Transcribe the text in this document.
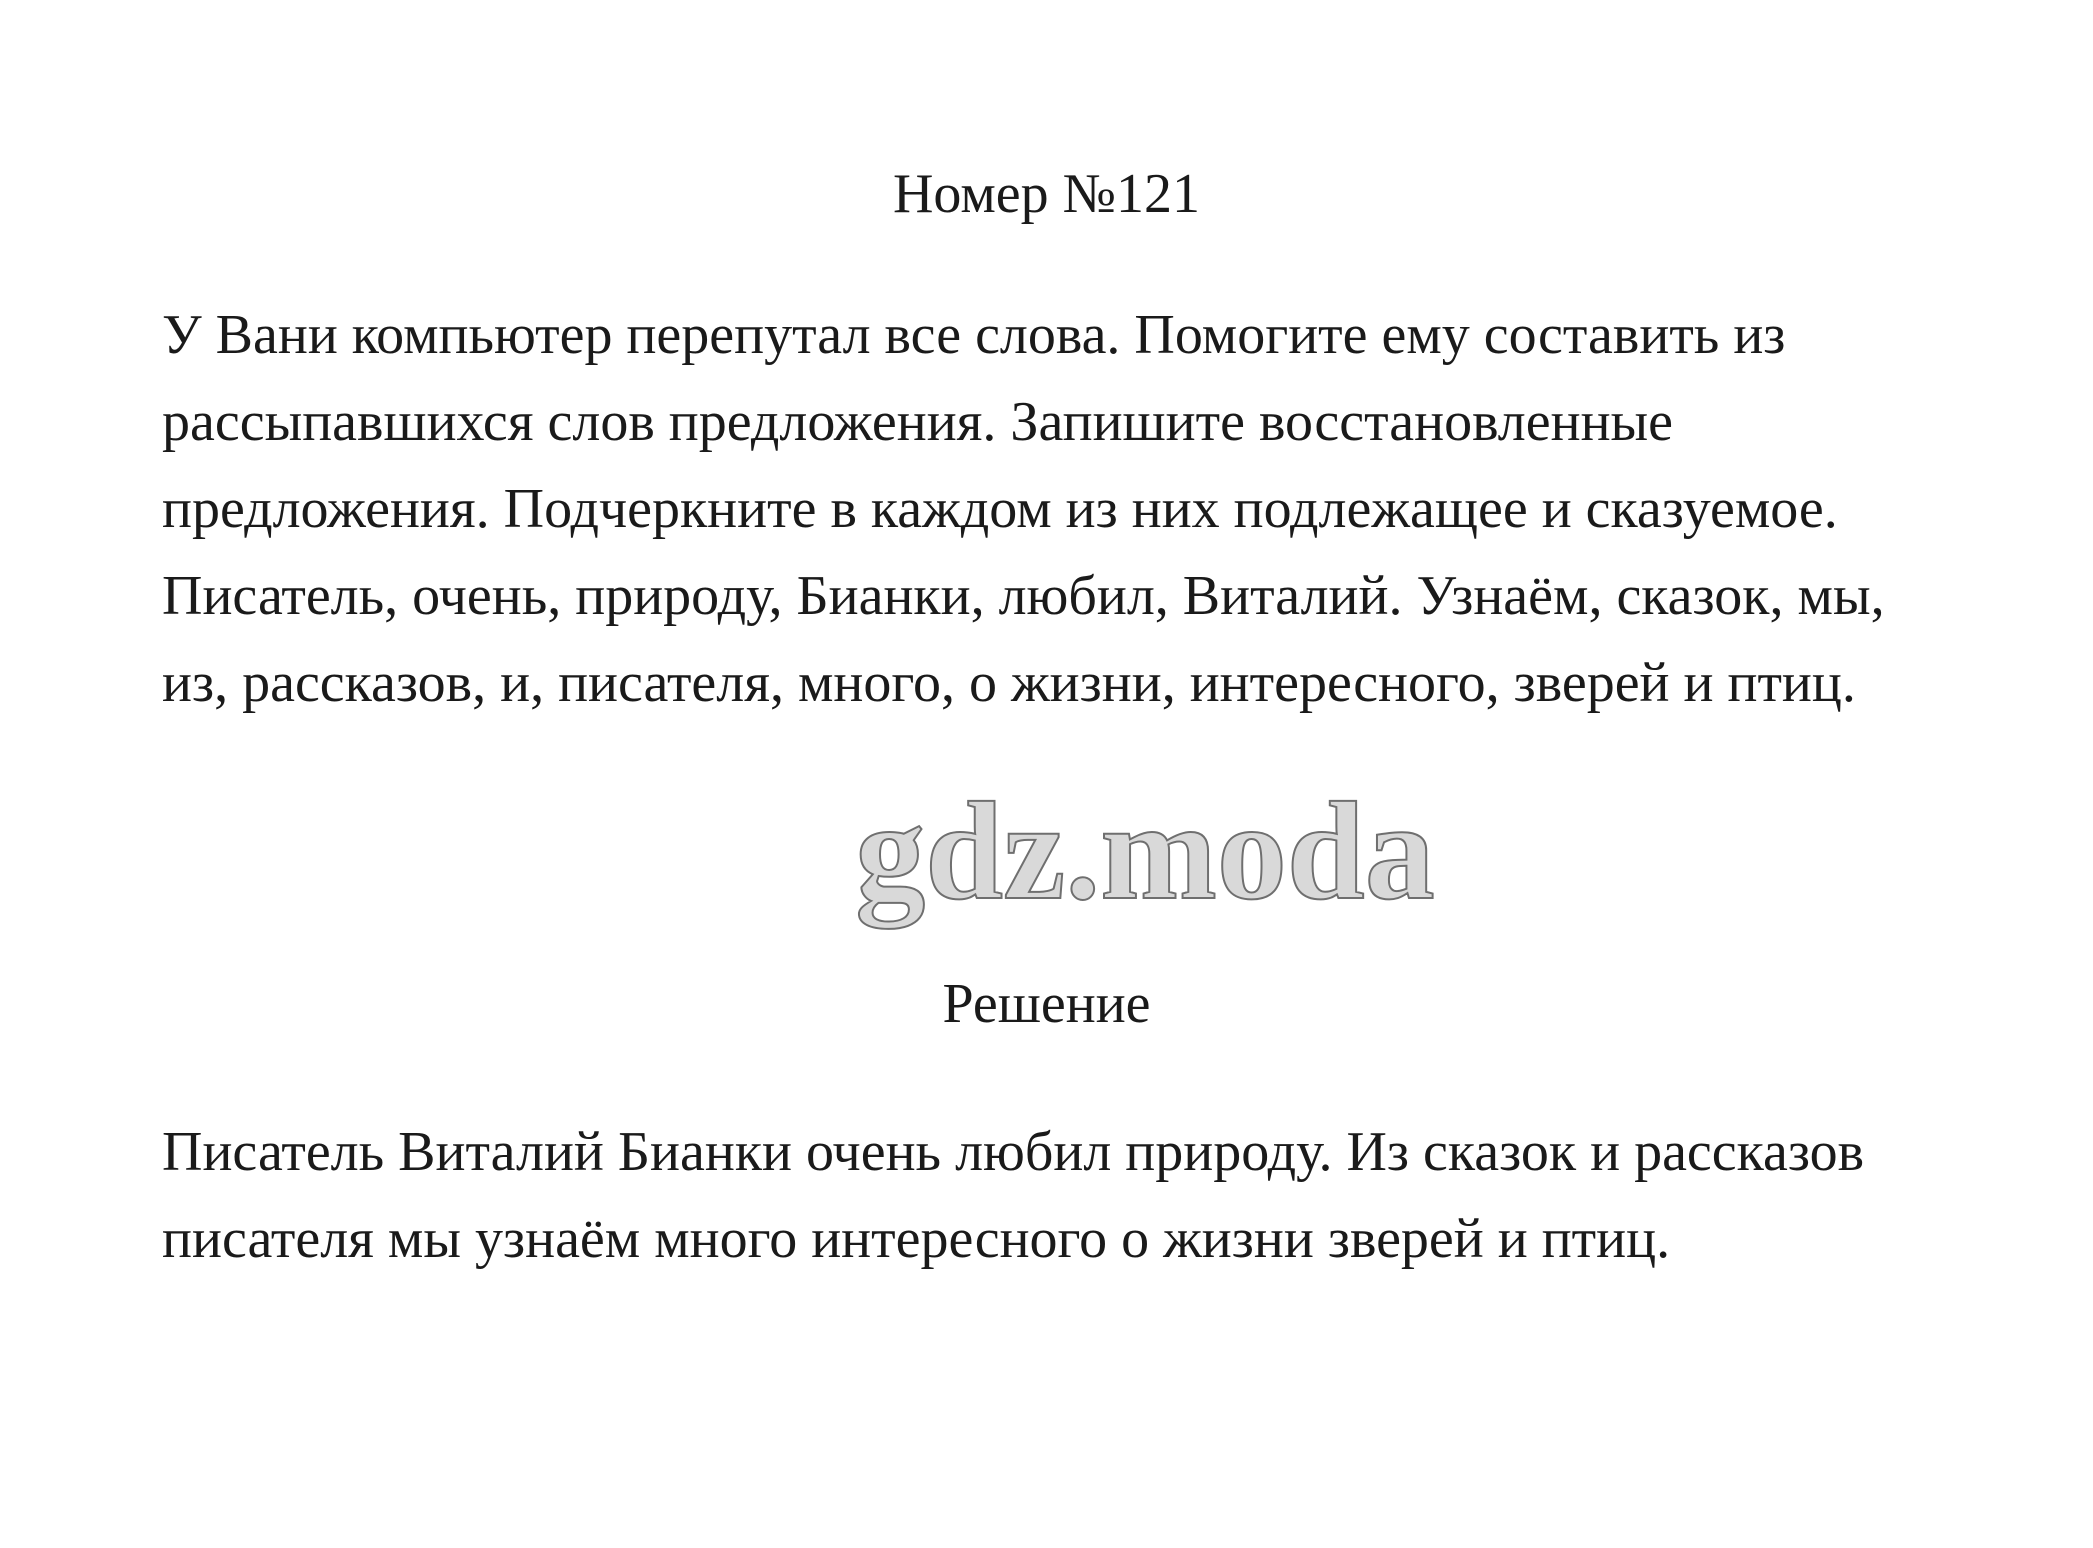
Номер №121

У Вани компьютер перепутал все слова. Помогите ему составить из рассыпавшихся слов предложения. Запишите восстановленные предложения. Подчеркните в каждом из них подлежащее и сказуемое.

Писатель, очень, природу, Бианки, любил, Виталий. Узнаём, сказок, мы, из, рассказов, и, писателя, много, о жизни, интересного, зверей и птиц.

gdz.moda
Решение

Писатель Виталий Бианки очень любил природу. Из сказок и рассказов писателя мы узнаём много интересного о жизни зверей и птиц.
